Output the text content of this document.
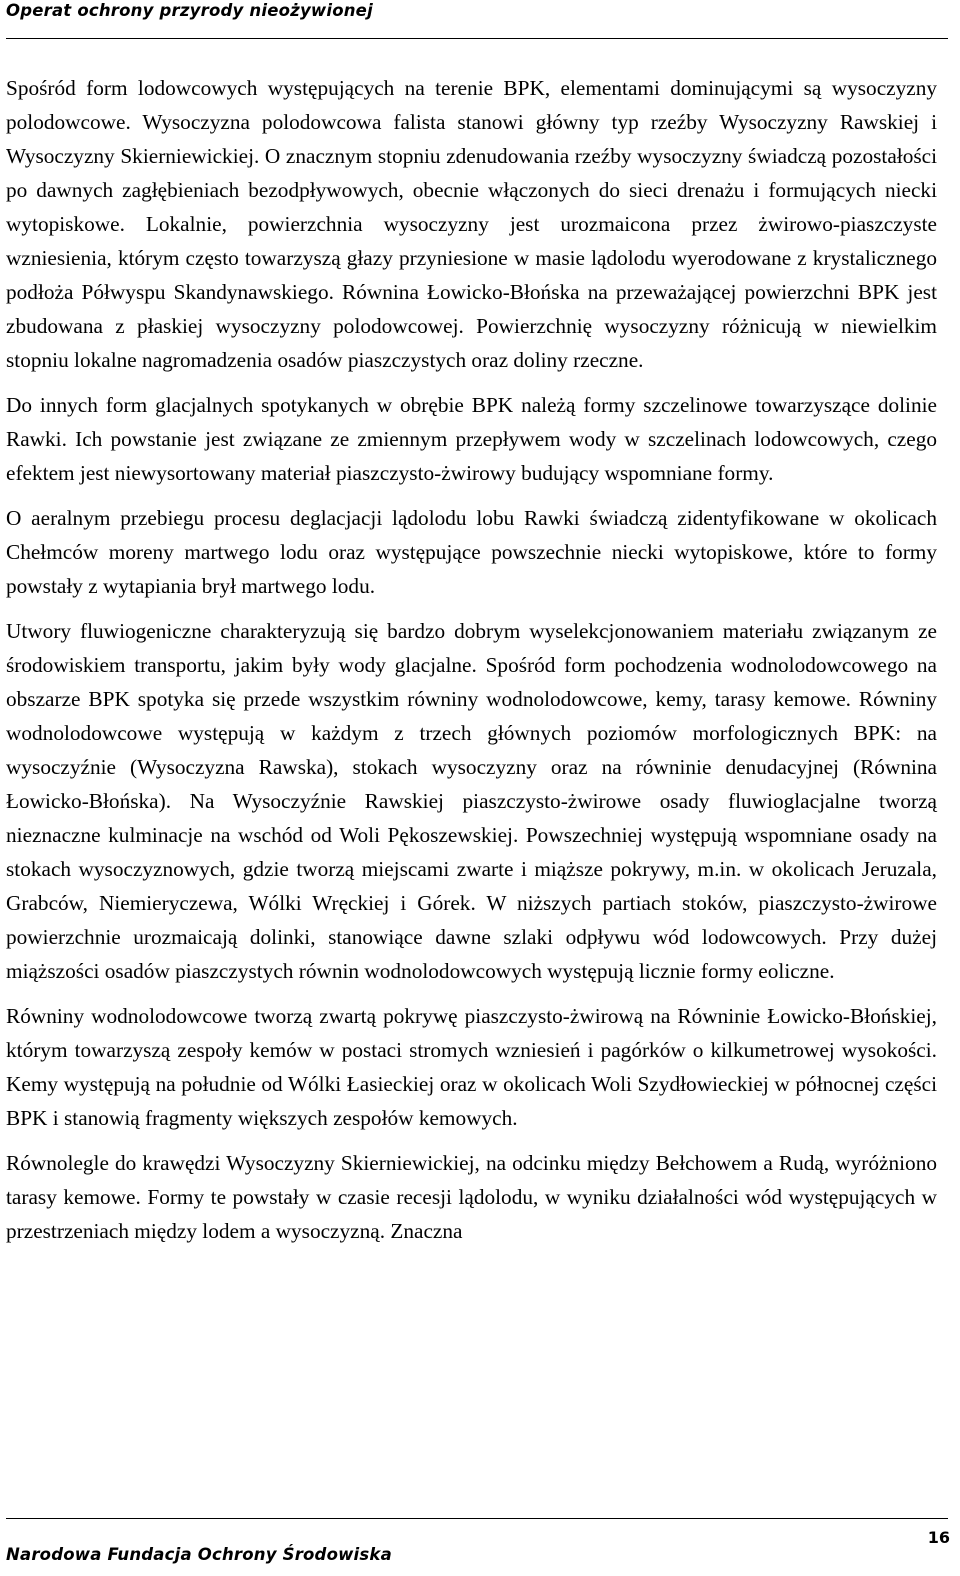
Operat ochrony przyrody nieożywionej

Spośród form lodowcowych występujących na terenie BPK, elementami dominującymi są wysoczyzny polodowcowe. Wysoczyzna polodowcowa falista stanowi główny typ rzeźby Wysoczyzny Rawskiej i Wysoczyzny Skierniewickiej. O znacznym stopniu zdenudowania rzeźby wysoczyzny świadczą pozostałości po dawnych zagłębieniach bezodpływowych, obecnie włączonych do sieci drenażu i formujących niecki wytopiskowe. Lokalnie, powierzchnia wysoczyzny jest urozmaicona przez żwirowo-piaszczyste wzniesienia, którym często towarzyszą głazy przyniesione w masie lądolodu wyerodowane z krystalicznego podłoża Półwyspu Skandynawskiego. Równina Łowicko-Błońska na przeważającej powierzchni BPK jest zbudowana z płaskiej wysoczyzny polodowcowej. Powierzchnię wysoczyzny różnicują w niewielkim stopniu lokalne nagromadzenia osadów piaszczystych oraz doliny rzeczne.

Do innych form glacjalnych spotykanych w obrębie BPK należą formy szczelinowe towarzyszące dolinie Rawki. Ich powstanie jest związane ze zmiennym przepływem wody w szczelinach lodowcowych, czego efektem jest niewysortowany materiał piaszczysto-żwirowy budujący wspomniane formy.

O aeralnym przebiegu procesu deglacjacji lądolodu lobu Rawki świadczą zidentyfikowane w okolicach Chełmców moreny martwego lodu oraz występujące powszechnie niecki wytopiskowe, które to formy powstały z wytapiania brył martwego lodu.

Utwory fluwiogeniczne charakteryzują się bardzo dobrym wyselekcjonowaniem materiału związanym ze środowiskiem transportu, jakim były wody glacjalne. Spośród form pochodzenia wodnolodowcowego na obszarze BPK spotyka się przede wszystkim równiny wodnolodowcowe, kemy, tarasy kemowe. Równiny wodnolodowcowe występują w każdym z trzech głównych poziomów morfologicznych BPK: na wysoczyźnie (Wysoczyzna Rawska), stokach wysoczyzny oraz na równinie denudacyjnej (Równina Łowicko-Błońska). Na Wysoczyźnie Rawskiej piaszczysto-żwirowe osady fluwioglacjalne tworzą nieznaczne kulminacje na wschód od Woli Pękoszewskiej. Powszechniej występują wspomniane osady na stokach wysoczyznowych, gdzie tworzą miejscami zwarte i miąższe pokrywy, m.in. w okolicach Jeruzala, Grabców, Niemieryczewa, Wólki Wręckiej i Górek. W niższych partiach stoków, piaszczysto-żwirowe powierzchnie urozmaicają dolinki, stanowiące dawne szlaki odpływu wód lodowcowych. Przy dużej miąższości osadów piaszczystych równin wodnolodowcowych występują licznie formy eoliczne.

Równiny wodnolodowcowe tworzą zwartą pokrywę piaszczysto-żwirową na Równinie Łowicko-Błońskiej, którym towarzyszą zespoły kemów w postaci stromych wzniesień i pagórków o kilkumetrowej wysokości. Kemy występują na południe od Wólki Łasieckiej oraz w okolicach Woli Szydłowieckiej w północnej części BPK i stanowią fragmenty większych zespołów kemowych.

Równolegle do krawędzi Wysoczyzny Skierniewickiej, na odcinku między Bełchowem a Rudą, wyróżniono tarasy kemowe. Formy te powstały w czasie recesji lądolodu, w wyniku działalności wód występujących w przestrzeniach między lodem a wysoczyzną. Znaczna

Narodowa Fundacja Ochrony Środowiska
16
